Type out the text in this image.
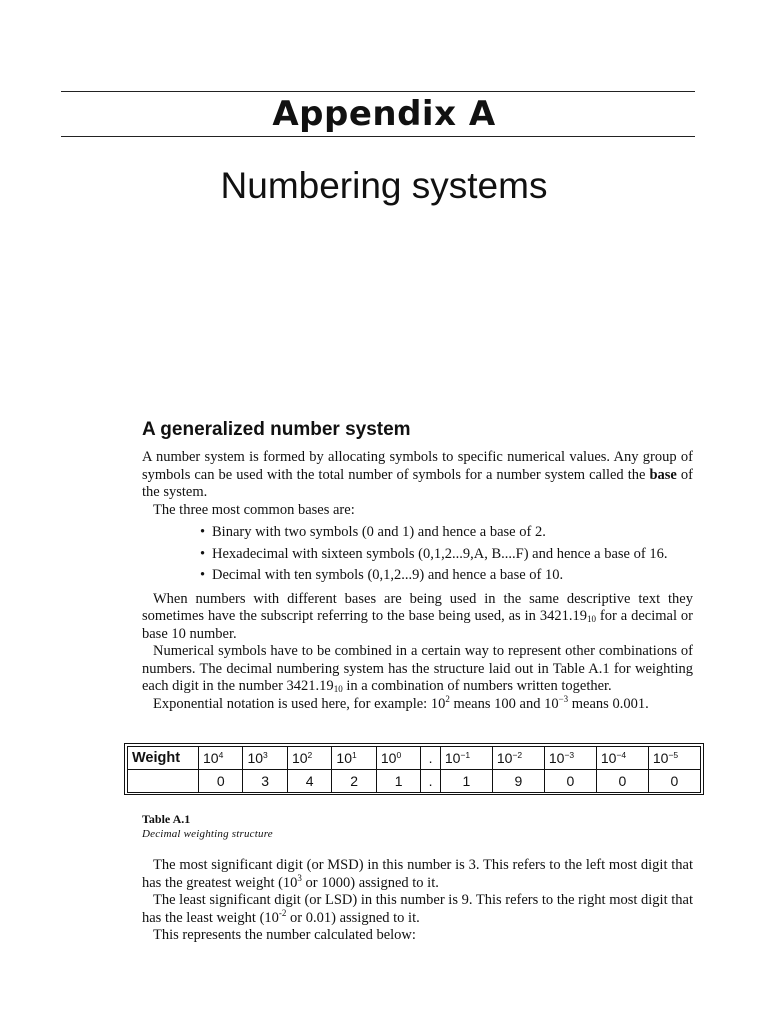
Appendix A
Numbering systems
A generalized number system

A number system is formed by allocating symbols to specific numerical values. Any group of symbols can be used with the total number of symbols for a number system called the base of the system.

The three most common bases are:

• Binary with two symbols (0 and 1) and hence a base of 2.
• Hexadecimal with sixteen symbols (0,1,2...9,A, B....F) and hence a base of 16.
• Decimal with ten symbols (0,1,2...9) and hence a base of 10.

When numbers with different bases are being used in the same descriptive text they sometimes have the subscript referring to the base being used, as in $3421.19_{10}$ for a decimal or base 10 number.

Numerical symbols have to be combined in a certain way to represent other combinations of numbers. The decimal numbering system has the structure laid out in Table A.1 for weighting each digit in the number $3421.19_{10}$ in a combination of numbers written together.

Exponential notation is used here, for example: $10^2$ means 100 and $10^{-3}$ means 0.001.

Weight	$10^4$	$10^3$	$10^2$	$10^1$	$10^0$	.	$10^{-1}$	$10^{-2}$	$10^{-3}$	$10^{-4}$	$10^{-5}$
	0	3	4	2	1	.	1	9	0	0	0
Table A.1
Decimal weighting structure

The most significant digit (or MSD) in this number is 3. This refers to the left most digit that has the greatest weight ($10^3$ or 1000) assigned to it.

The least significant digit (or LSD) in this number is 9. This refers to the right most digit that has the least weight ($10^{-2}$ or 0.01) assigned to it.

This represents the number calculated below:
